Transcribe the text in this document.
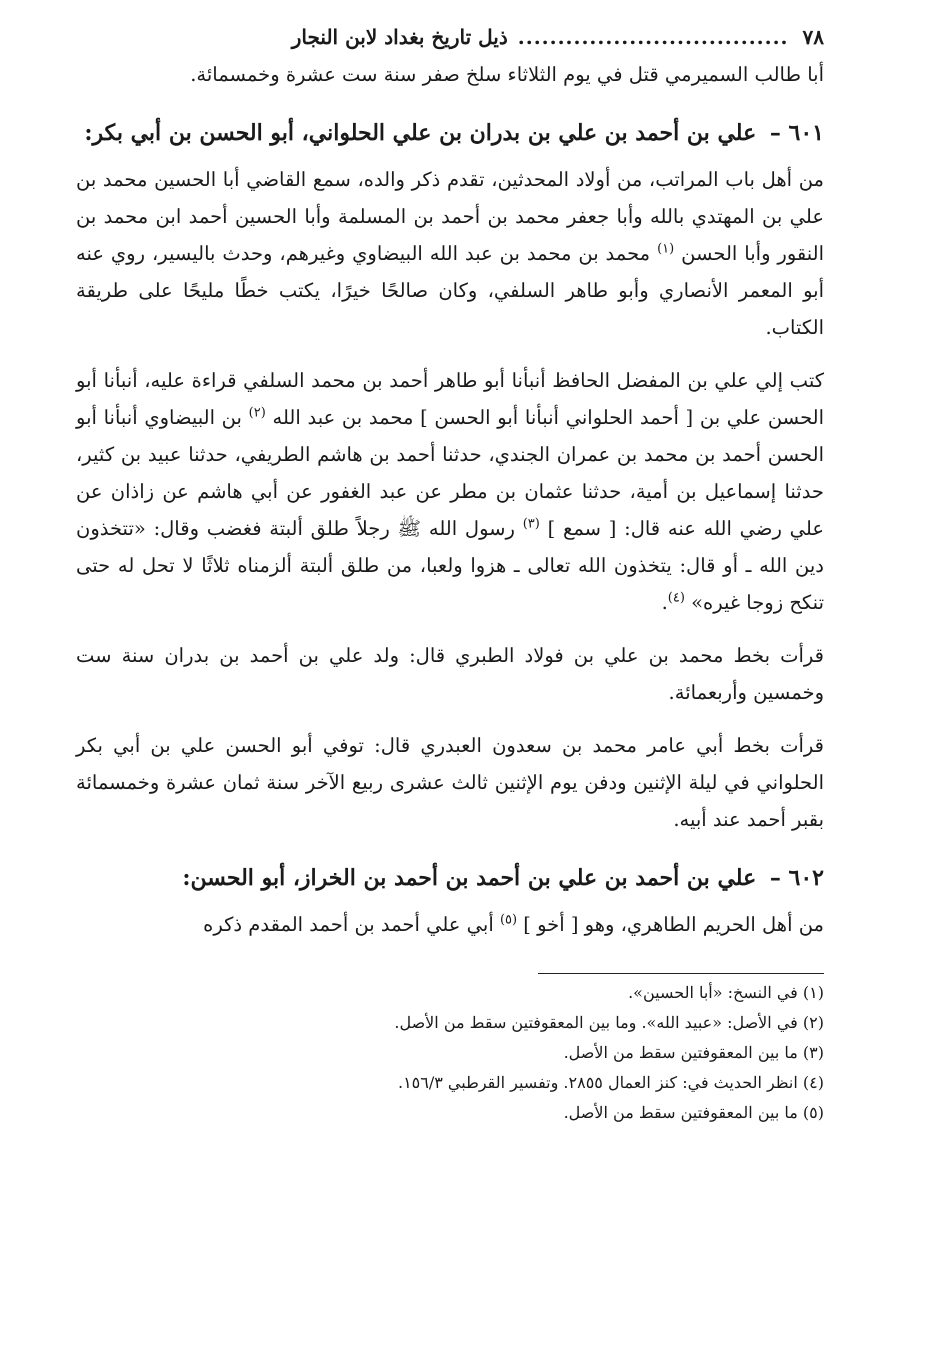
٧٨
..................................
ذيل تاريخ بغداد لابن النجار

أبا طالب السميرمي قتل في يوم الثلاثاء سلخ صفر سنة ست عشرة وخمسمائة.

٦٠١ – علي بن أحمد بن علي بن بدران بن علي الحلواني، أبو الحسن بن أبي بكر:

من أهل باب المراتب، من أولاد المحدثين، تقدم ذكر والده، سمع القاضي أبا الحسين محمد بن علي بن المهتدي بالله وأبا جعفر محمد بن أحمد بن المسلمة وأبا الحسين أحمد ابن محمد بن النقور وأبا الحسن $^{(١)}$ محمد بن محمد بن عبد الله البيضاوي وغيرهم، وحدث باليسير، روي عنه أبو المعمر الأنصاري وأبو طاهر السلفي، وكان صالحًا خيرًا، يكتب خطًا مليحًا على طريقة الكتاب.

كتب إلي علي بن المفضل الحافظ أنبأنا أبو طاهر أحمد بن محمد السلفي قراءة عليه، أنبأنا أبو الحسن علي بن [ أحمد الحلواني أنبأنا أبو الحسن ] محمد بن عبد الله $^{(٢)}$ بن البيضاوي أنبأنا أبو الحسن أحمد بن محمد بن عمران الجندي، حدثنا أحمد بن هاشم الطريفي، حدثنا عبيد بن كثير، حدثنا إسماعيل بن أمية، حدثنا عثمان بن مطر عن عبد الغفور عن أبي هاشم عن زاذان عن علي رضي الله عنه قال: [ سمع ] $^{(٣)}$ رسول الله ﷺ رجلاً طلق ألبتة فغضب وقال: «تتخذون دين الله ـ أو قال: يتخذون الله تعالى ـ هزوا ولعبا، من طلق ألبتة ألزمناه ثلاثًا لا تحل له حتى تنكح زوجا غيره» $^{(٤)}$.

قرأت بخط محمد بن علي بن فولاد الطبري قال: ولد علي بن أحمد بن بدران سنة ست وخمسين وأربعمائة.

قرأت بخط أبي عامر محمد بن سعدون العبدري قال: توفي أبو الحسن علي بن أبي بكر الحلواني في ليلة الإثنين ودفن يوم الإثنين ثالث عشرى ربيع الآخر سنة ثمان عشرة وخمسمائة بقبر أحمد عند أبيه.

٦٠٢ – علي بن أحمد بن علي بن أحمد بن أحمد بن الخراز، أبو الحسن:

من أهل الحريم الطاهري، وهو [ أخو ] $^{(٥)}$ أبي علي أحمد بن أحمد المقدم ذكره

(١) في النسخ: «أبا الحسين».
(٢) في الأصل: «عبيد الله». وما بين المعقوفتين سقط من الأصل.
(٣) ما بين المعقوفتين سقط من الأصل.
(٤) انظر الحديث في: كنز العمال ٢٨٥٥. وتفسير القرطبي ١٥٦/٣.
(٥) ما بين المعقوفتين سقط من الأصل.
